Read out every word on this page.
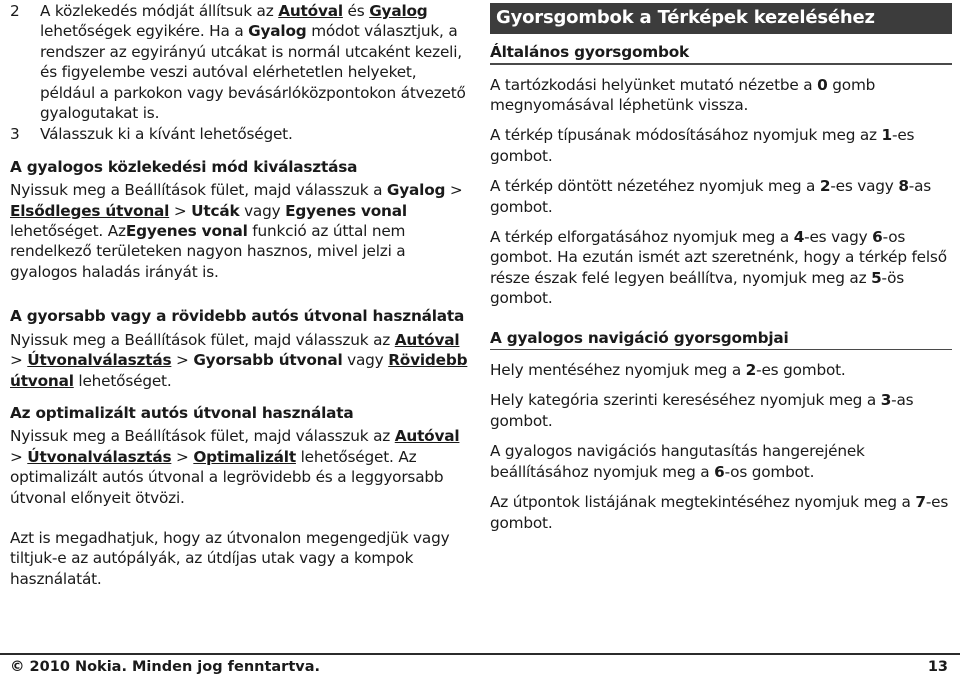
2 A közlekedés módját állítsuk az Autóval és Gyalog lehetőségek egyikére. Ha a Gyalog módot választjuk, a rendszer az egyirányú utcákat is normál utcaként kezeli, és figyelembe veszi autóval elérhetetlen helyeket, például a parkokon vagy bevásárlóközpontokon átvezető gyalogutakat is.
3 Válasszuk ki a kívánt lehetőséget.
A gyalogos közlekedési mód kiválasztása

Nyissuk meg a Beállítások fület, majd válasszuk a Gyalog > Elsődleges útvonal > Utcák vagy Egyenes vonal lehetőséget. AzEgyenes vonal funkció az úttal nem rendelkező területeken nagyon hasznos, mivel jelzi a gyalogos haladás irányát is.

A gyorsabb vagy a rövidebb autós útvonal használata

Nyissuk meg a Beállítások fület, majd válasszuk az Autóval > Útvonalválasztás > Gyorsabb útvonal vagy Rövidebb útvonal lehetőséget.

Az optimalizált autós útvonal használata

Nyissuk meg a Beállítások fület, majd válasszuk az Autóval > Útvonalválasztás > Optimalizált lehetőséget. Az optimalizált autós útvonal a legrövidebb és a leggyorsabb útvonal előnyeit ötvözi.

Azt is megadhatjuk, hogy az útvonalon megengedjük vagy tiltjuk-e az autópályák, az útdíjas utak vagy a kompok használatát.

Gyorsgombok a Térképek kezeléséhez
Általános gyorsgombok

A tartózkodási helyünket mutató nézetbe a 0 gomb megnyomásával léphetünk vissza.

A térkép típusának módosításához nyomjuk meg az 1-es gombot.

A térkép döntött nézetéhez nyomjuk meg a 2-es vagy 8-as gombot.

A térkép elforgatásához nyomjuk meg a 4-es vagy 6-os gombot. Ha ezután ismét azt szeretnénk, hogy a térkép felső része észak felé legyen beállítva, nyomjuk meg az 5-ös gombot.

A gyalogos navigáció gyorsgombjai

Hely mentéséhez nyomjuk meg a 2-es gombot.

Hely kategória szerinti kereséséhez nyomjuk meg a 3-as gombot.

A gyalogos navigációs hangutasítás hangerejének beállításához nyomjuk meg a 6-os gombot.

Az útpontok listájának megtekintéséhez nyomjuk meg a 7-es gombot.

© 2010 Nokia. Minden jog fenntartva.	13
